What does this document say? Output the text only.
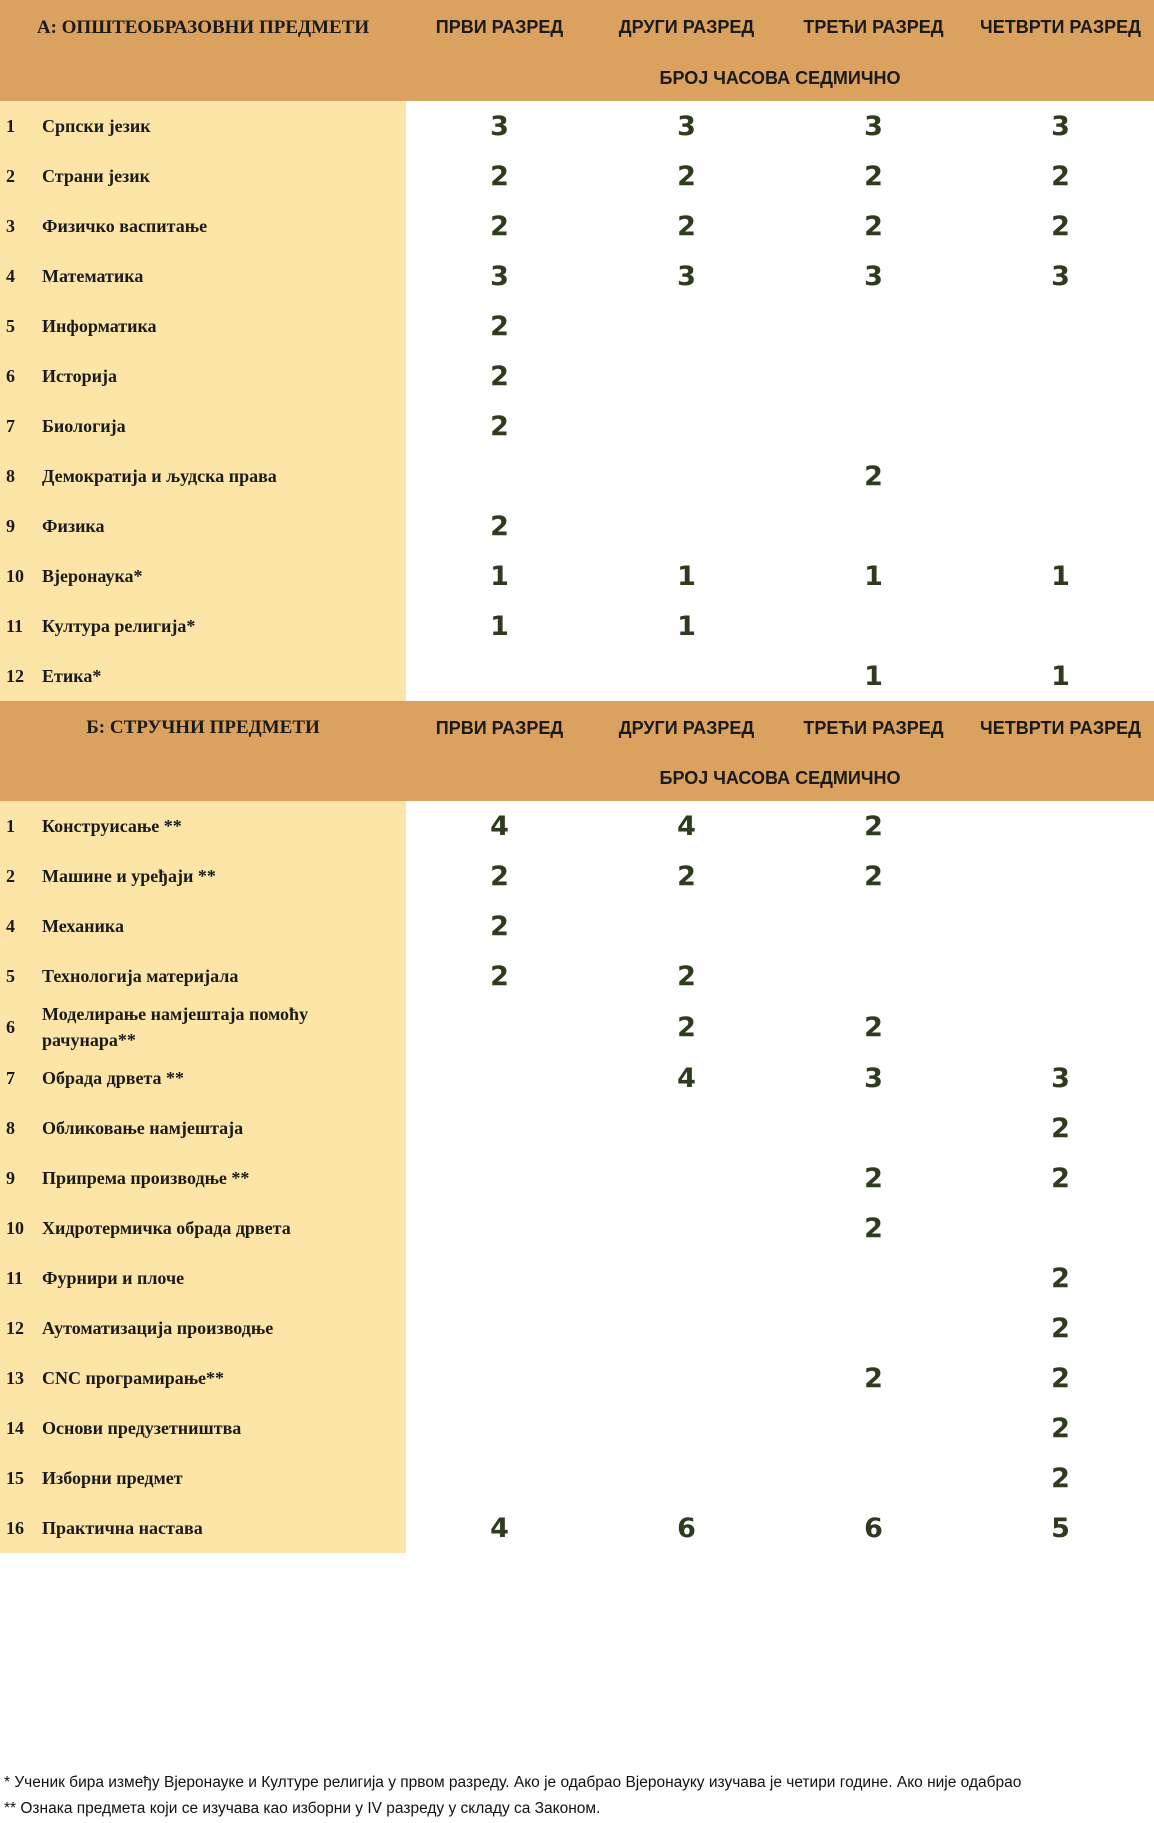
А: ОПШТЕОБРАЗОВНИ ПРЕДМЕТИ	ПРВИ РАЗРЕД	ДРУГИ РАЗРЕД	ТРЕЋИ РАЗРЕД	ЧЕТВРТИ РАЗРЕД
	БРОЈ ЧАСОВА СЕДМИЧНО			

1 Српски језик	3	3	3	3

2 Страни језик	2	2	2	2

3 Физичко васпитање	2	2	2	2

4 Математика	3	3	3	3

5 Информатика	2			

6 Историја	2			

7 Биологија	2			

8 Демократија и људска права			2	

9 Физика	2			

10 Вјеронаука*	1	1	1	1

11 Култура религија*	1	1		

12 Етика*			1	1
Б: СТРУЧНИ ПРЕДМЕТИ	ПРВИ РАЗРЕД	ДРУГИ РАЗРЕД	ТРЕЋИ РАЗРЕД	ЧЕТВРТИ РАЗРЕД
	БРОЈ ЧАСОВА СЕДМИЧНО			

1 Конструисање **	4	4	2	

2 Машине и уређаји **	2	2	2	

4 Механика	2			

5 Технологија материјала	2	2		

6
Моделирање намјештаја помоћу рачунара**		2	2	

7 Обрада дрвета **		4	3	3

8 Обликовање намјештаја				2

9 Припрема производње **			2	2

10 Хидротермичка обрада дрвета			2	

11 Фурнири и плоче				2

12 Аутоматизација производње				2

13 CNC програмирање**			2	2

14 Основи предузетништва				2

15 Изборни предмет				2

16 Практична настава	4	6	6	5
* Ученик бира између Вјеронауке и Културе религија у првом разреду. Ако је одабрао Вјеронауку изучава је четири године. Ако није одабрао
** Ознака предмета који се изучава као изборни у IV разреду у складу са Законом.
